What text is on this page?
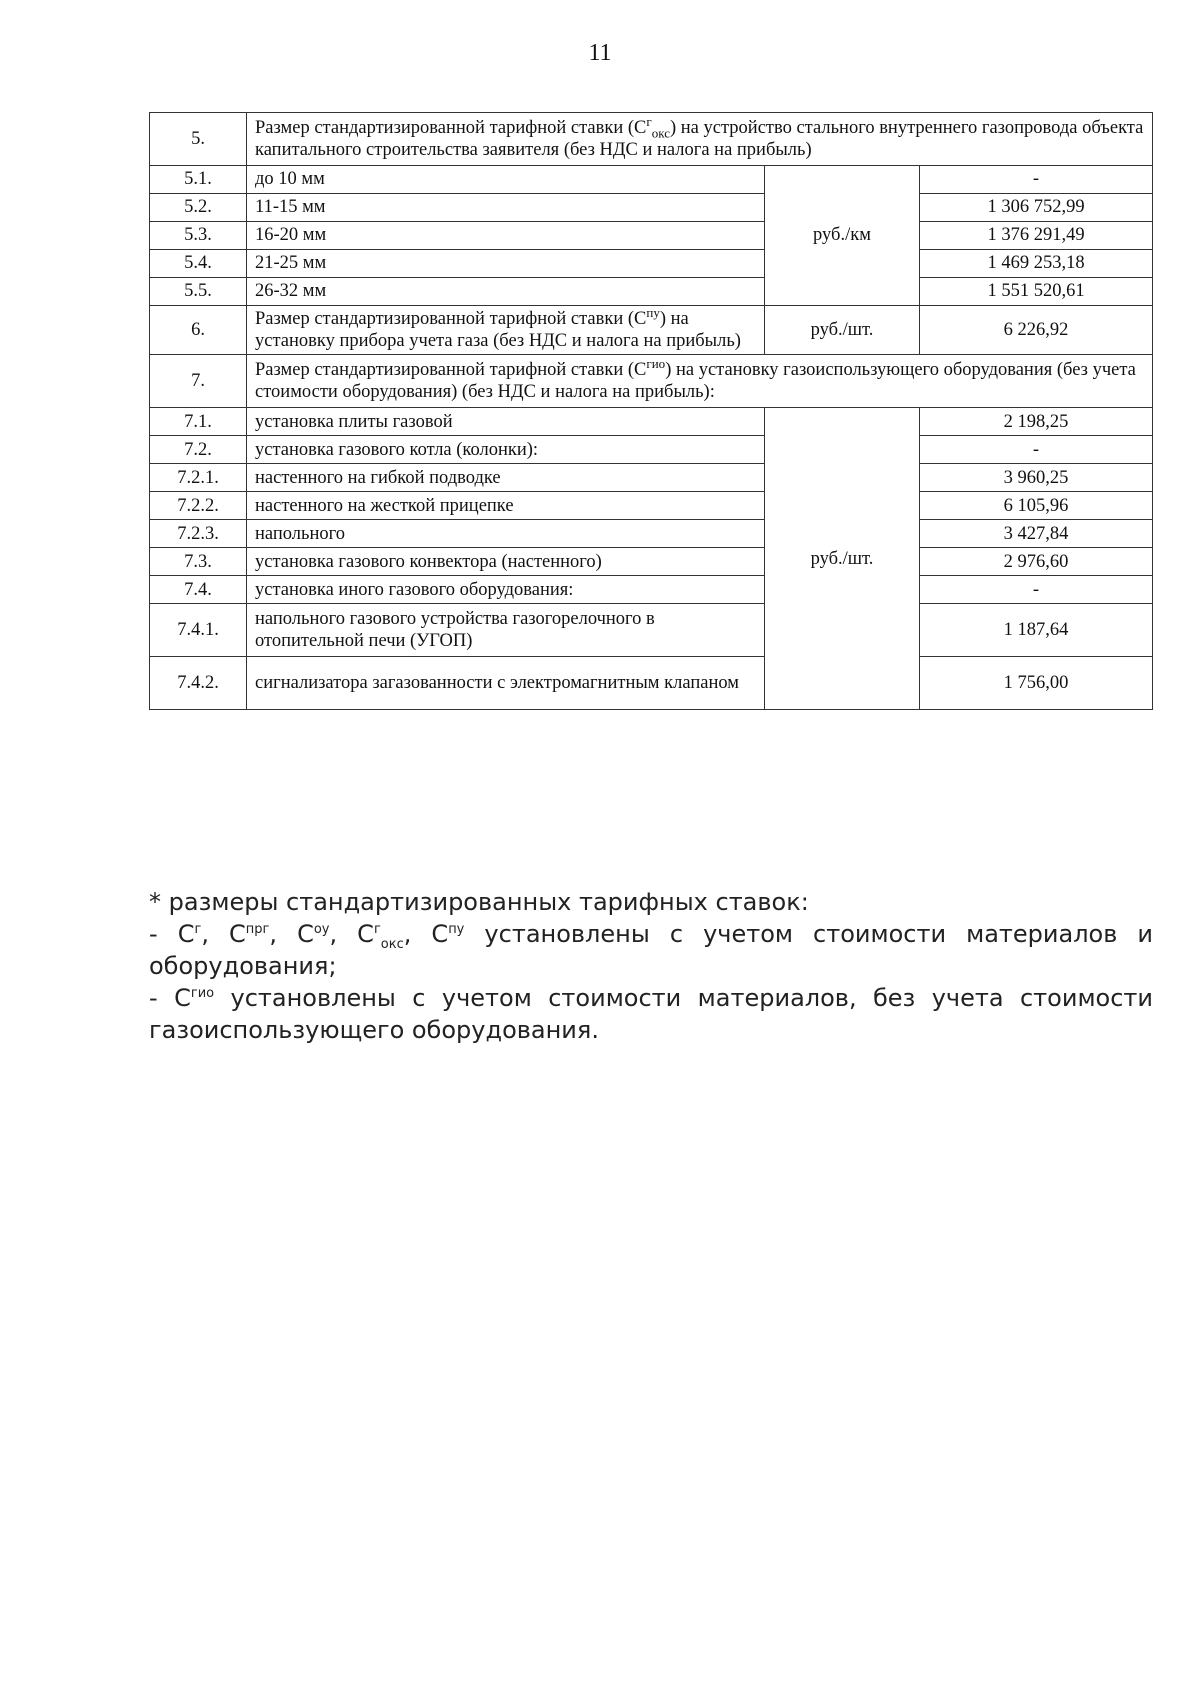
11
5.	Размер стандартизированной тарифной ставки $(С^г_{окс})$ на устройство стального внутреннего газопровода объекта капитального строительства заявителя (без НДС и налога на прибыль)		
5.1.	до 10 мм	руб./км	-
5.2.	11-15 мм		1 306 752,99
5.3.	16-20 мм		1 376 291,49
5.4.	21-25 мм		1 469 253,18
5.5.	26-32 мм		1 551 520,61
6.	Размер стандартизированной тарифной ставки $(С^{пу})$ на установку прибора учета газа (без НДС и налога на прибыль)	руб./шт.	6 226,92
7.	Размер стандартизированной тарифной ставки $(С^{гио})$ на установку газоиспользующего оборудования (без учета стоимости оборудования) (без НДС и налога на прибыль):		
7.1.	установка плиты газовой	руб./шт.	2 198,25
7.2.	установка газового котла (колонки):		-
7.2.1.	настенного на гибкой подводке		3 960,25
7.2.2.	настенного на жесткой прицепке		6 105,96
7.2.3.	напольного		3 427,84
7.3.	установка газового конвектора (настенного)		2 976,60
7.4.	установка иного газового оборудования:		-
7.4.1.	напольного газового устройства газогорелочного в отопительной печи (УГОП)		1 187,64
7.4.2.	сигнализатора загазованности с электромагнитным клапаном		1 756,00

* размеры стандартизированных тарифных ставок:

- $С^г$, $С^{прг}$, $С^{оу}$, $С^г_{окс}$, $С^{пу}$ установлены с учетом стоимости материалов и оборудования;

- $С^{гио}$ установлены с учетом стоимости материалов, без учета стоимости газоиспользующего оборудования.
